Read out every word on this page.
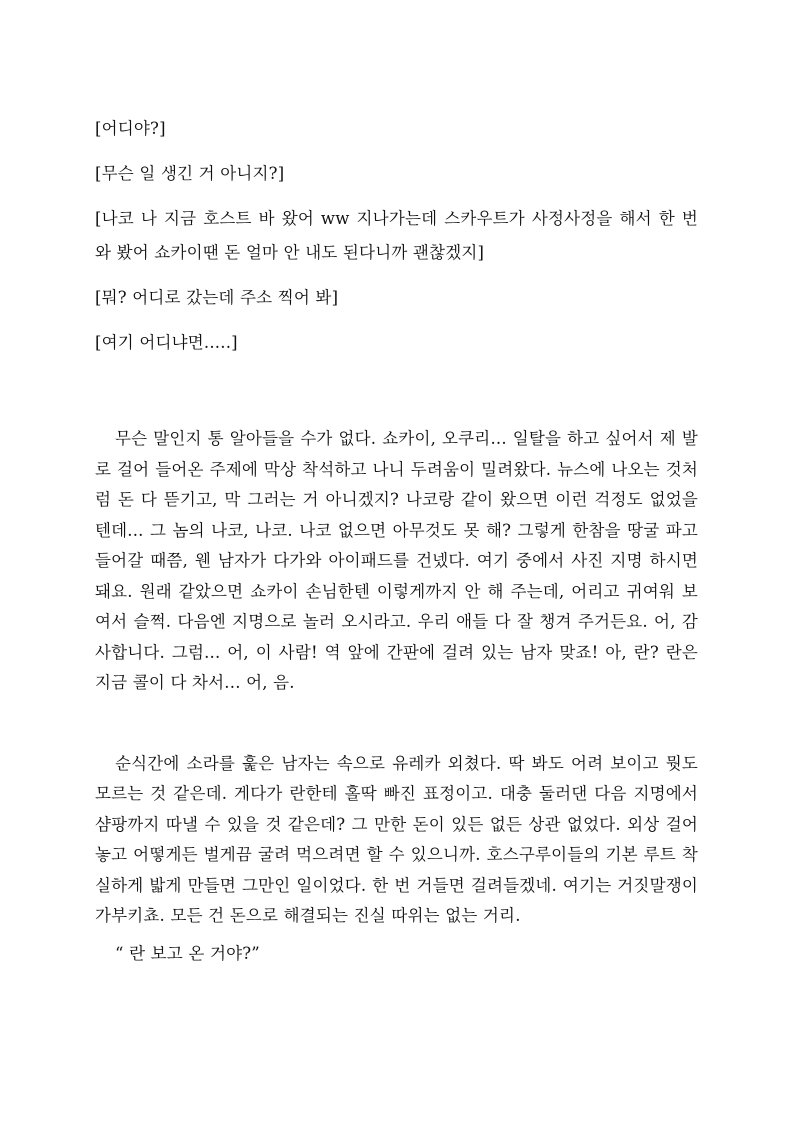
[어디야?]

[무슨 일 생긴 거 아니지?]

[나코 나 지금 호스트 바 왔어 ww 지나가는데 스카우트가 사정사정을 해서 한 번 와 봤어 쇼카이땐 돈 얼마 안 내도 된다니까 괜찮겠지]

[뭐? 어디로 갔는데 주소 찍어 봐]

[여기 어디냐면.....]

무슨 말인지 통 알아들을 수가 없다. 쇼카이, 오쿠리... 일탈을 하고 싶어서 제 발로 걸어 들어온 주제에 막상 착석하고 나니 두려움이 밀려왔다. 뉴스에 나오는 것처럼 돈 다 뜯기고, 막 그러는 거 아니겠지? 나코랑 같이 왔으면 이런 걱정도 없었을 텐데... 그 놈의 나코, 나코. 나코 없으면 아무것도 못 해? 그렇게 한참을 땅굴 파고 들어갈 때쯤, 웬 남자가 다가와 아이패드를 건넸다. 여기 중에서 사진 지명 하시면 돼요. 원래 같았으면 쇼카이 손님한텐 이렇게까지 안 해 주는데, 어리고 귀여워 보여서 슬쩍. 다음엔 지명으로 놀러 오시라고. 우리 애들 다 잘 챙겨 주거든요. 어, 감사합니다. 그럼... 어, 이 사람! 역 앞에 간판에 걸려 있는 남자 맞죠! 아, 란? 란은 지금 콜이 다 차서... 어, 음.

순식간에 소라를 훑은 남자는 속으로 유레카 외쳤다. 딱 봐도 어려 보이고 뭣도 모르는 것 같은데. 게다가 란한테 홀딱 빠진 표정이고. 대충 둘러댄 다음 지명에서 샴팡까지 따낼 수 있을 것 같은데? 그 만한 돈이 있든 없든 상관 없었다. 외상 걸어 놓고 어떻게든 벌게끔 굴려 먹으려면 할 수 있으니까. 호스구루이들의 기본 루트 착실하게 밟게 만들면 그만인 일이었다. 한 번 거들면 걸려들겠네. 여기는 거짓말쟁이 가부키쵸. 모든 건 돈으로 해결되는 진실 따위는 없는 거리.

“ 란 보고 온 거야?”
